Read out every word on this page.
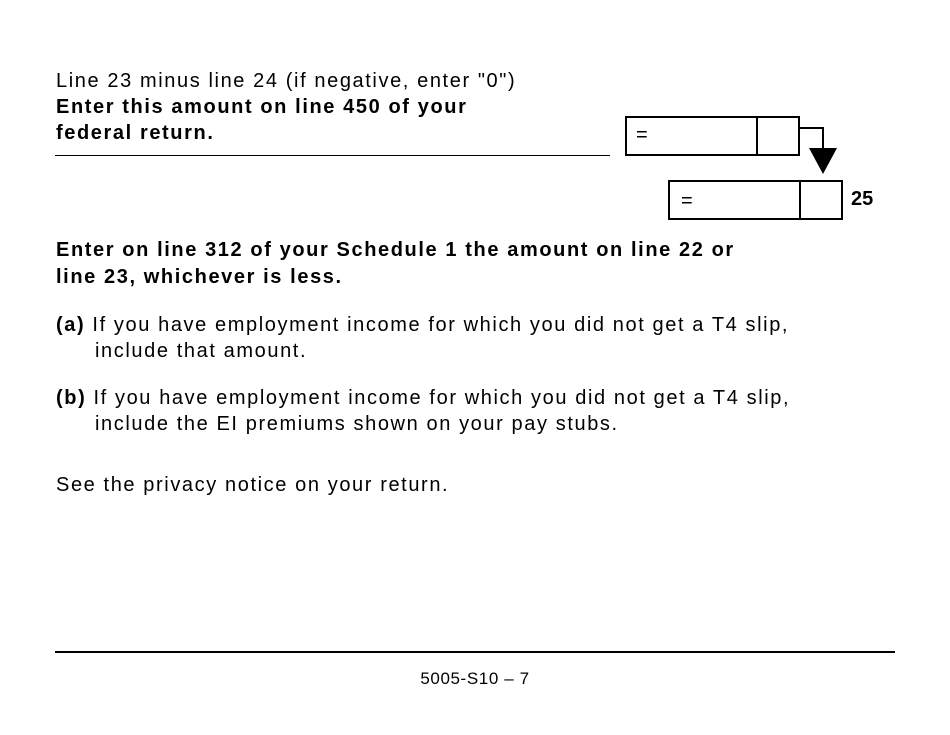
Line 23 minus line 24 (if negative, enter "0")
Enter this amount on line 450 of your
federal return.	=
=	25
Enter on line 312 of your Schedule 1 the amount on line 22 or
line 23, whichever is less.
(a) If you have employment income for which you did not get a T4 slip,
include that amount.
(b) If you have employment income for which you did not get a T4 slip,
include the EI premiums shown on your pay stubs.
See the privacy notice on your return.
5005-S10 – 7
